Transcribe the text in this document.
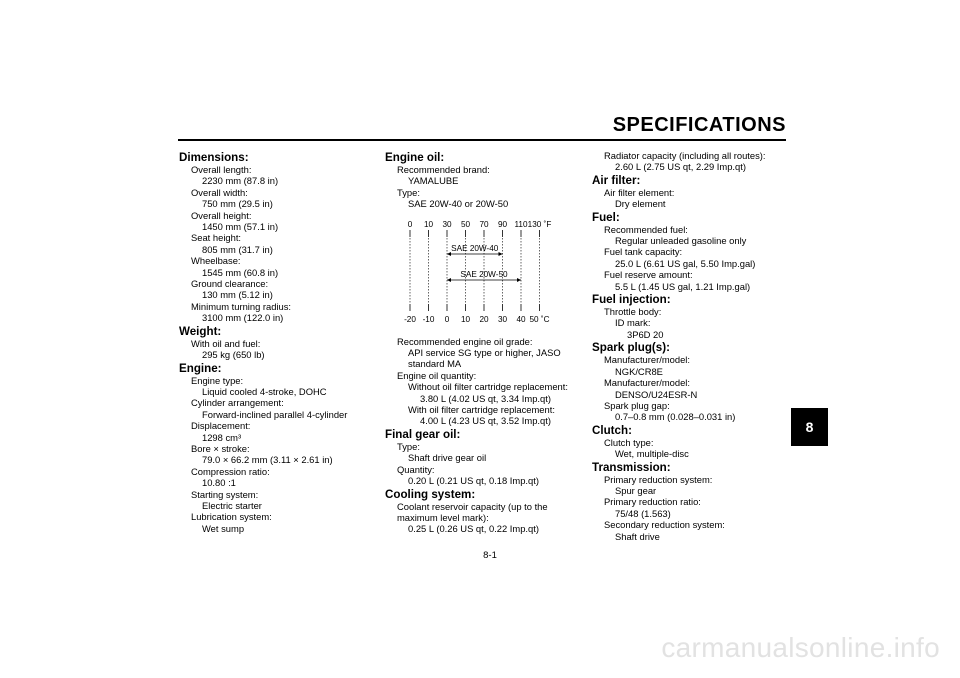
SPECIFICATIONS
Dimensions:
Overall length:
2230 mm (87.8 in)
Overall width:
750 mm (29.5 in)
Overall height:
1450 mm (57.1 in)
Seat height:
805 mm (31.7 in)
Wheelbase:
1545 mm (60.8 in)
Ground clearance:
130 mm (5.12 in)
Minimum turning radius:
3100 mm (122.0 in)
Weight:
With oil and fuel:
295 kg (650 lb)
Engine:
Engine type:
Liquid cooled 4-stroke, DOHC
Cylinder arrangement:
Forward-inclined parallel 4-cylinder
Displacement:
1298 cm³
Bore × stroke:
79.0 × 66.2 mm (3.11 × 2.61 in)
Compression ratio:
10.80 :1
Starting system:
Electric starter
Lubrication system:
Wet sump
Engine oil:
Recommended brand:
YAMALUBE
Type:
SAE 20W-40 or 20W-50
0
-20
10
-10
30
0
50
10
70
20
90
30
110
40
130 ˚F
50 ˚C
SAE 20W-40
SAE 20W-50
Recommended engine oil grade:
API service SG type or higher, JASO
standard MA
Engine oil quantity:
Without oil filter cartridge replacement:
3.80 L (4.02 US qt, 3.34 Imp.qt)
With oil filter cartridge replacement:
4.00 L (4.23 US qt, 3.52 Imp.qt)
Final gear oil:
Type:
Shaft drive gear oil
Quantity:
0.20 L (0.21 US qt, 0.18 Imp.qt)
Cooling system:
Coolant reservoir capacity (up to the
maximum level mark):
0.25 L (0.26 US qt, 0.22 Imp.qt)
Radiator capacity (including all routes):
2.60 L (2.75 US qt, 2.29 Imp.qt)
Air filter:
Air filter element:
Dry element
Fuel:
Recommended fuel:
Regular unleaded gasoline only
Fuel tank capacity:
25.0 L (6.61 US gal, 5.50 Imp.gal)
Fuel reserve amount:
5.5 L (1.45 US gal, 1.21 Imp.gal)
Fuel injection:
Throttle body:
ID mark:
3P6D 20
Spark plug(s):
Manufacturer/model:
NGK/CR8E
Manufacturer/model:
DENSO/U24ESR-N
Spark plug gap:
0.7–0.8 mm (0.028–0.031 in)
Clutch:
Clutch type:
Wet, multiple-disc
Transmission:
Primary reduction system:
Spur gear
Primary reduction ratio:
75/48 (1.563)
Secondary reduction system:
Shaft drive
8-1
8
carmanualsonline.info
